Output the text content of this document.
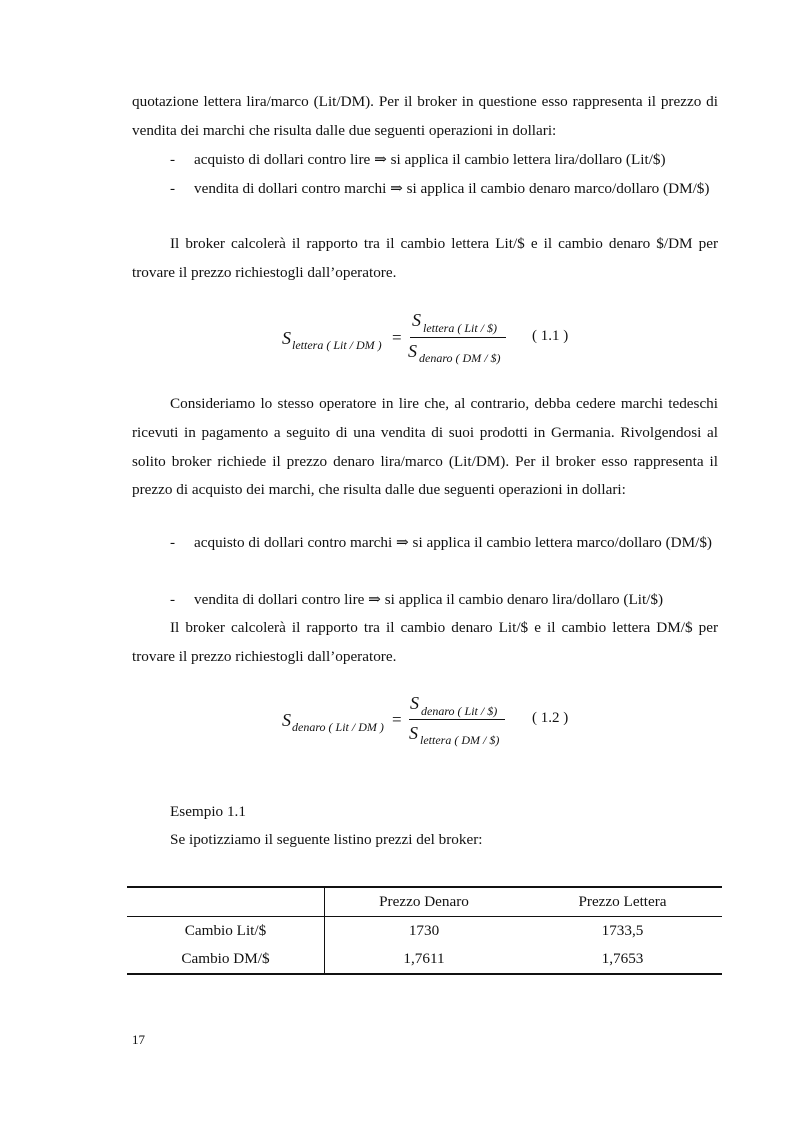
quotazione lettera lira/marco (Lit/DM). Per il broker in questione esso rappresenta il prezzo di vendita dei marchi che risulta dalle due seguenti operazioni in dollari:

-	acquisto di dollari contro lire ⇒ si applica il cambio lettera lira/dollaro (Lit/$)
-	vendita di dollari contro marchi ⇒ si applica il cambio denaro marco/dollaro (DM/$)

Il broker calcolerà il rapporto tra il cambio lettera Lit/$ e il cambio denaro $/DM per trovare il prezzo richiestogli dall’operatore.

S lettera ( Lit / DM ) =
S lettera ( Lit / $)
S denaro ( DM / $)
( 1.1 )

Consideriamo lo stesso operatore in lire che, al contrario, debba cedere marchi tedeschi ricevuti in pagamento a seguito di una vendita di suoi prodotti in Germania. Rivolgendosi al solito broker richiede il prezzo denaro lira/marco (Lit/DM). Per il broker esso rappresenta il prezzo di acquisto dei marchi, che risulta dalle due seguenti operazioni in dollari:

-	acquisto di dollari contro marchi ⇒ si applica il cambio lettera marco/dollaro (DM/$)
-	vendita di dollari contro lire ⇒ si applica il cambio denaro lira/dollaro (Lit/$)

Il broker calcolerà il rapporto tra il cambio denaro Lit/$ e il cambio lettera DM/$ per trovare il prezzo richiestogli dall’operatore.

S denaro ( Lit / DM ) =
S denaro ( Lit / $)
S lettera ( DM / $)
( 1.2 )
Esempio 1.1
Se ipotizziamo il seguente listino prezzi del broker:
	Prezzo Denaro	Prezzo Lettera
Cambio Lit/$	1730	1733,5
Cambio DM/$	1,7611	1,7653
17
